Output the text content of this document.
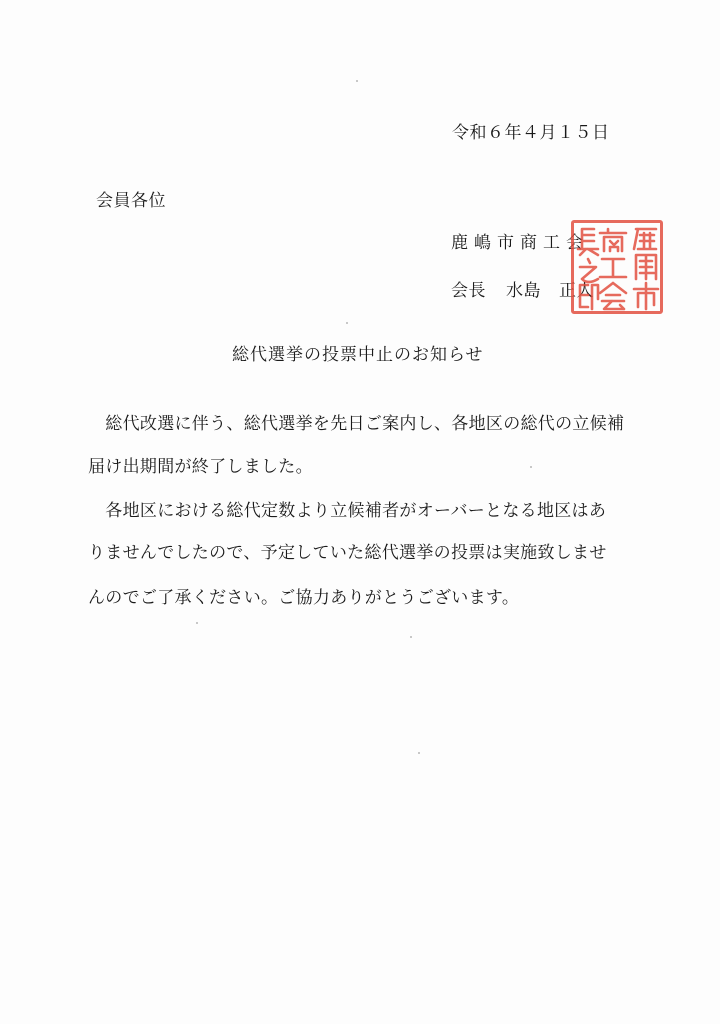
令和６年４月１５日
会員各位
鹿嶋市商工会
会長 水島 正人
総代選挙の投票中止のお知らせ
　総代改選に伴う、総代選挙を先日ご案内し、各地区の総代の立候補
届け出期間が終了しました。
　各地区における総代定数より立候補者がオーバーとなる地区はあ
りませんでしたので、予定していた総代選挙の投票は実施致しませ
んのでご了承ください。ご協力ありがとうございます。
